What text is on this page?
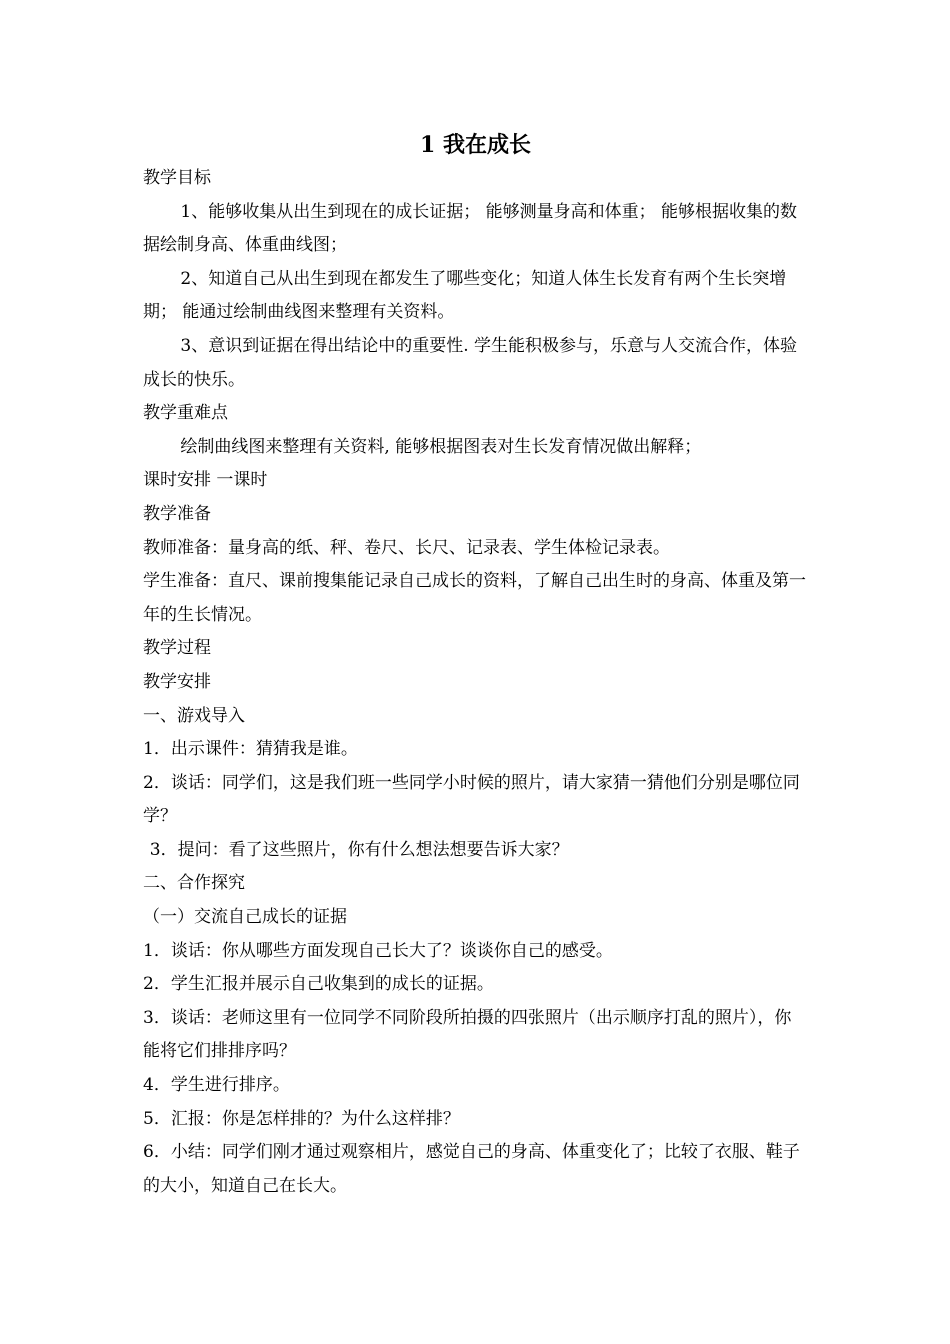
1 我在成长

教学目标

1、能够收集从出生到现在的成长证据； 能够测量身高和体重； 能够根据收集的数据绘制身高、体重曲线图；

2、知道自己从出生到现在都发生了哪些变化；知道人体生长发育有两个生长突增期； 能通过绘制曲线图来整理有关资料。

3、意识到证据在得出结论中的重要性. 学生能积极参与，乐意与人交流合作，体验成长的快乐。

教学重难点

绘制曲线图来整理有关资料, 能够根据图表对生长发育情况做出解释；

课时安排 一课时

教学准备

教师准备：量身高的纸、秤、卷尺、长尺、记录表、学生体检记录表。

学生准备：直尺、课前搜集能记录自己成长的资料，了解自己出生时的身高、体重及第一年的生长情况。

教学过程

教学安排

一、游戏导入

1．出示课件：猜猜我是谁。

2．谈话：同学们，这是我们班一些同学小时候的照片，请大家猜一猜他们分别是哪位同学？

3．提问：看了这些照片，你有什么想法想要告诉大家？

二、合作探究

（一）交流自己成长的证据

1．谈话：你从哪些方面发现自己长大了？谈谈你自己的感受。

2．学生汇报并展示自己收集到的成长的证据。

3．谈话：老师这里有一位同学不同阶段所拍摄的四张照片（出示顺序打乱的照片），你能将它们排排序吗？

4．学生进行排序。

5．汇报：你是怎样排的？为什么这样排？

6．小结：同学们刚才通过观察相片，感觉自己的身高、体重变化了；比较了衣服、鞋子的大小，知道自己在长大。
